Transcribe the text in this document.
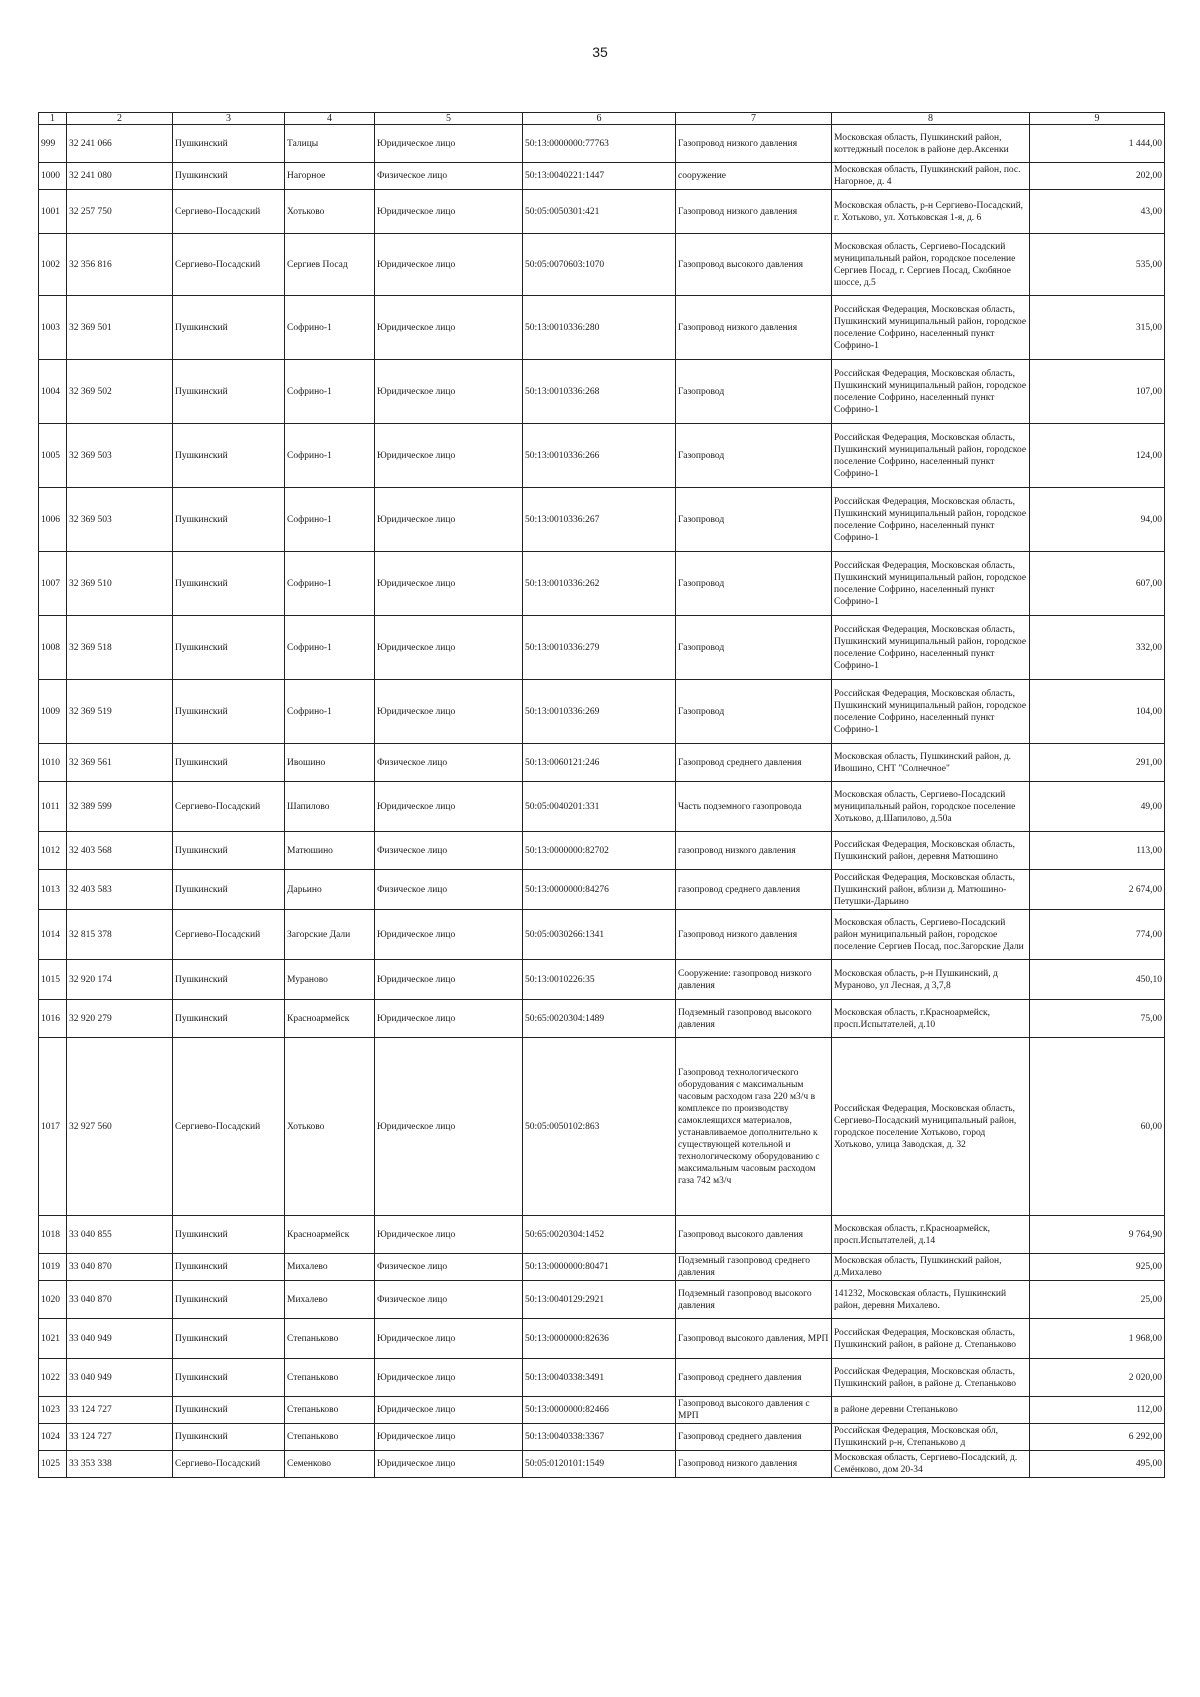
35
1	2	3	4	5	6	7	8	9
999	32 241 066	Пушкинский	Талицы	Юридическое лицо	50:13:0000000:77763	Газопровод низкого давления	Московская область, Пушкинский район, коттеджный поселок в районе дер.Аксенки	1 444,00
1000	32 241 080	Пушкинский	Нагорное	Физическое лицо	50:13:0040221:1447	сооружение	Московская область, Пушкинский район, пос. Нагорное, д. 4	202,00
1001	32 257 750	Сергиево-Посадский	Хотьково	Юридическое лицо	50:05:0050301:421	Газопровод низкого давления	Московская область, р-н Сергиево-Посадский, г. Хотьково, ул. Хотьковская 1-я, д. 6	43,00
1002	32 356 816	Сергиево-Посадский	Сергиев Посад	Юридическое лицо	50:05:0070603:1070	Газопровод высокого давления	Московская область, Сергиево-Посадский муниципальный район, городское поселение Сергиев Посад, г. Сергиев Посад, Скобяное шоссе, д.5	535,00
1003	32 369 501	Пушкинский	Софрино-1	Юридическое лицо	50:13:0010336:280	Газопровод низкого давления	Российская Федерация, Московская область, Пушкинский муниципальный район, городское поселение Софрино, населенный пункт Софрино-1	315,00
1004	32 369 502	Пушкинский	Софрино-1	Юридическое лицо	50:13:0010336:268	Газопровод	Российская Федерация, Московская область, Пушкинский муниципальный район, городское поселение Софрино, населенный пункт Софрино-1	107,00
1005	32 369 503	Пушкинский	Софрино-1	Юридическое лицо	50:13:0010336:266	Газопровод	Российская Федерация, Московская область, Пушкинский муниципальный район, городское поселение Софрино, населенный пункт Софрино-1	124,00
1006	32 369 503	Пушкинский	Софрино-1	Юридическое лицо	50:13:0010336:267	Газопровод	Российская Федерация, Московская область, Пушкинский муниципальный район, городское поселение Софрино, населенный пункт Софрино-1	94,00
1007	32 369 510	Пушкинский	Софрино-1	Юридическое лицо	50:13:0010336:262	Газопровод	Российская Федерация, Московская область, Пушкинский муниципальный район, городское поселение Софрино, населенный пункт Софрино-1	607,00
1008	32 369 518	Пушкинский	Софрино-1	Юридическое лицо	50:13:0010336:279	Газопровод	Российская Федерация, Московская область, Пушкинский муниципальный район, городское поселение Софрино, населенный пункт Софрино-1	332,00
1009	32 369 519	Пушкинский	Софрино-1	Юридическое лицо	50:13:0010336:269	Газопровод	Российская Федерация, Московская область, Пушкинский муниципальный район, городское поселение Софрино, населенный пункт Софрино-1	104,00
1010	32 369 561	Пушкинский	Ивошино	Физическое лицо	50:13:0060121:246	Газопровод среднего давления	Московская область, Пушкинский район, д. Ивошино, СНТ "Солнечное"	291,00
1011	32 389 599	Сергиево-Посадский	Шапилово	Юридическое лицо	50:05:0040201:331	Часть подземного газопровода	Московская область, Сергиево-Посадский муниципальный район, городское поселение Хотьково, д.Шапилово, д.50а	49,00
1012	32 403 568	Пушкинский	Матюшино	Физическое лицо	50:13:0000000:82702	газопровод низкого давления	Российская Федерация, Московская область, Пушкинский район, деревня Матюшино	113,00
1013	32 403 583	Пушкинский	Дарьино	Физическое лицо	50:13:0000000:84276	газопровод среднего давления	Российская Федерация, Московская область, Пушкинский район, вблизи д. Матюшино-Петушки-Дарьино	2 674,00
1014	32 815 378	Сергиево-Посадский	Загорские Дали	Юридическое лицо	50:05:0030266:1341	Газопровод низкого давления	Московская область, Сергиево-Посадский район муниципальный район, городское поселение Сергиев Посад, пос.Загорские Дали	774,00
1015	32 920 174	Пушкинский	Мураново	Юридическое лицо	50:13:0010226:35	Сооружение: газопровод низкого давления	Московская область, р-н Пушкинский, д Мураново, ул Лесная, д 3,7,8	450,10
1016	32 920 279	Пушкинский	Красноармейск	Юридическое лицо	50:65:0020304:1489	Подземный газопровод высокого давления	Московская область, г.Красноармейск, просп.Испытателей, д.10	75,00
1017	32 927 560	Сергиево-Посадский	Хотьково	Юридическое лицо	50:05:0050102:863	Газопровод технологического оборудования с максимальным часовым расходом газа 220 м3/ч в комплексе по производству самоклеящихся материалов, устанавливаемое дополнительно к существующей котельной и технологическому оборудованию с максимальным часовым расходом газа 742 м3/ч	Российская Федерация, Московская область, Сергиево-Посадский муниципальный район, городское поселение Хотьково, город Хотьково, улица Заводская, д. 32	60,00
1018	33 040 855	Пушкинский	Красноармейск	Юридическое лицо	50:65:0020304:1452	Газопровод высокого давления	Московская область, г.Красноармейск, просп.Испытателей, д.14	9 764,90
1019	33 040 870	Пушкинский	Михалево	Физическое лицо	50:13:0000000:80471	Подземный газопровод среднего давления	Московская область, Пушкинский район, д.Михалево	925,00
1020	33 040 870	Пушкинский	Михалево	Физическое лицо	50:13:0040129:2921	Подземный газопровод высокого давления	141232, Московская область, Пушкинский район, деревня Михалево.	25,00
1021	33 040 949	Пушкинский	Степаньково	Юридическое лицо	50:13:0000000:82636	Газопровод высокого давления, МРП	Российская Федерация, Московская область, Пушкинский район, в районе д. Степаньково	1 968,00
1022	33 040 949	Пушкинский	Степаньково	Юридическое лицо	50:13:0040338:3491	Газопровод среднего давления	Российская Федерация, Московская область, Пушкинский район, в районе д. Степаньково	2 020,00
1023	33 124 727	Пушкинский	Степаньково	Юридическое лицо	50:13:0000000:82466	Газопровод высокого давления с МРП	в районе деревни Степаньково	112,00
1024	33 124 727	Пушкинский	Степаньково	Юридическое лицо	50:13:0040338:3367	Газопровод среднего давления	Российская Федерация, Московская обл, Пушкинский р-н, Степаньково д	6 292,00
1025	33 353 338	Сергиево-Посадский	Семенково	Юридическое лицо	50:05:0120101:1549	Газопровод низкого давления	Московская область, Сергиево-Посадский, д. Семёнково, дом 20-34	495,00
